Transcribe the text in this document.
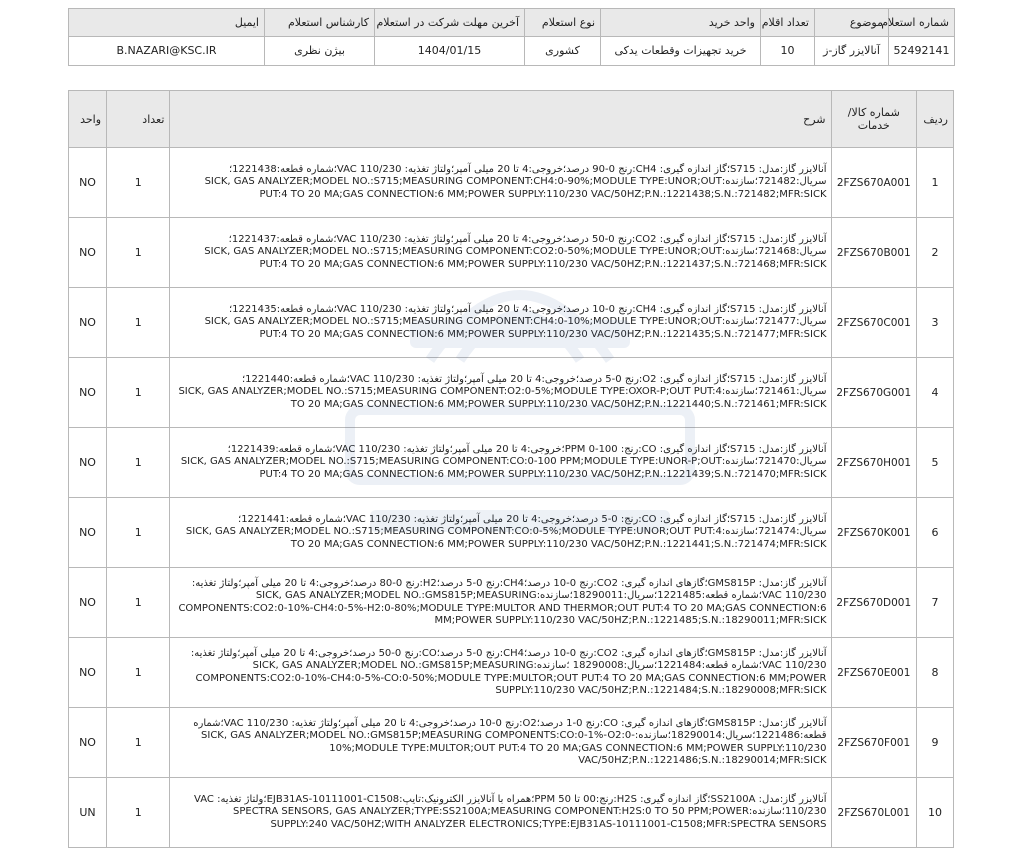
شماره استعلام	موضوع	تعداد اقلام	واحد خرید	نوع استعلام	آخرین مهلت شرکت در استعلام	کارشناس استعلام	ایمیل
52492141	آنالایزر گاز-ز	10	خرید تجهیزات وقطعات یدکی	کشوری	1404/01/15	بیژن نظری	B.NAZARI@KSC.IR
ردیف	شماره کالا/خدمات	شرح	تعداد	واحد
1	2FZS670A001	آنالایزر گاز:مدل: S715؛گاز اندازه گیری: CH4:رنج 0-90 درصد؛خروجی:4 تا 20 میلی آمپر؛ولتاژ تغذیه: VAC 110/230؛شماره قطعه:1221438؛سریال:721482؛سازنده:SICK, GAS ANALYZER;MODEL NO.:S715;MEASURING COMPONENT:CH4:0-90%;MODULE TYPE:UNOR;OUT PUT:4 TO 20 MA;GAS CONNECTION:6 MM;POWER SUPPLY:110/230 VAC/50HZ;P.N.:1221438;S.N.:721482;MFR:SICK	1	NO
2	2FZS670B001	آنالایزر گاز:مدل: S715؛گاز اندازه گیری: CO2:رنج 0-50 درصد؛خروجی:4 تا 20 میلی آمپر؛ولتاژ تغذیه: VAC 110/230؛شماره قطعه:1221437؛سریال:721468؛سازنده:SICK, GAS ANALYZER;MODEL NO.:S715;MEASURING COMPONENT:CO2:0-50%;MODULE TYPE:UNOR;OUT PUT:4 TO 20 MA;GAS CONNECTION:6 MM;POWER SUPPLY:110/230 VAC/50HZ;P.N.:1221437;S.N.:721468;MFR:SICK	1	NO
3	2FZS670C001	آنالایزر گاز:مدل: S715؛گاز اندازه گیری: CH4:رنج 0-10 درصد؛خروجی:4 تا 20 میلی آمپر؛ولتاژ تغذیه: VAC 110/230؛شماره قطعه:1221435؛سریال:721477؛سازنده:SICK, GAS ANALYZER;MODEL NO.:S715;MEASURING COMPONENT:CH4:0-10%;MODULE TYPE:UNOR;OUT PUT:4 TO 20 MA;GAS CONNECTION:6 MM;POWER SUPPLY:110/230 VAC/50HZ;P.N.:1221435;S.N.:721477;MFR:SICK	1	NO
4	2FZS670G001	آنالایزر گاز:مدل: S715؛گاز اندازه گیری: O2:رنج 0-5 درصد؛خروجی:4 تا 20 میلی آمپر؛ولتاژ تغذیه: VAC 110/230؛شماره قطعه:1221440؛سریال:721461؛سازنده:SICK, GAS ANALYZER;MODEL NO.:S715;MEASURING COMPONENT:O2:0-5%;MODULE TYPE:OXOR-P;OUT PUT:4 TO 20 MA;GAS CONNECTION:6 MM;POWER SUPPLY:110/230 VAC/50HZ;P.N.:1221440;S.N.:721461;MFR:SICK	1	NO
5	2FZS670H001	آنالایزر گاز:مدل: S715؛گاز اندازه گیری: CO:رنج: PPM 0-100؛خروجی:4 تا 20 میلی آمپر؛ولتاژ تغذیه: VAC 110/230؛شماره قطعه:1221439؛سریال:721470؛سازنده:SICK, GAS ANALYZER;MODEL NO.:S715;MEASURING COMPONENT:CO:0-100 PPM;MODULE TYPE:UNOR-P;OUT PUT:4 TO 20 MA;GAS CONNECTION:6 MM;POWER SUPPLY:110/230 VAC/50HZ;P.N.:1221439;S.N.:721470;MFR:SICK	1	NO
6	2FZS670K001	آنالایزر گاز:مدل: S715؛گاز اندازه گیری: CO:رنج: 0-5 درصد؛خروجی:4 تا 20 میلی آمپر؛ولتاژ تغذیه: VAC 110/230؛شماره قطعه:1221441؛سریال:721474؛سازنده:SICK, GAS ANALYZER;MODEL NO.:S715;MEASURING COMPONENT:CO:0-5%;MODULE TYPE:UNOR;OUT PUT:4 TO 20 MA;GAS CONNECTION:6 MM;POWER SUPPLY:110/230 VAC/50HZ;P.N.:1221441;S.N.:721474;MFR:SICK	1	NO
7	2FZS670D001	آنالایزر گاز:مدل: GMS815P؛گازهای اندازه گیری: CO2:رنج 0-10 درصد؛CH4:رنج 0-5 درصد؛H2:رنج 0-80 درصد؛خروجی:4 تا 20 میلی آمپر؛ولتاژ تغذیه: VAC 110/230؛شماره قطعه:1221485؛سریال:18290011؛سازنده:SICK, GAS ANALYZER;MODEL NO.:GMS815P;MEASURING COMPONENTS:CO2:0-10%-CH4:0-5%-H2:0-80%;MODULE TYPE:MULTOR AND THERMOR;OUT PUT:4 TO 20 MA;GAS CONNECTION:6 MM;POWER SUPPLY:110/230 VAC/50HZ;P.N.:1221485;S.N.:18290011;MFR:SICK	1	NO
8	2FZS670E001	آنالایزر گاز:مدل: GMS815P؛گازهای اندازه گیری: CO2:رنج 0-10 درصد؛CH4:رنج 0-5 درصد؛CO:رنج 0-50 درصد؛خروجی:4 تا 20 میلی آمپر؛ولتاژ تغذیه: VAC 110/230؛شماره قطعه:1221484؛سریال:18290008 ؛سازنده:SICK, GAS ANALYZER;MODEL NO.:GMS815P;MEASURING COMPONENTS:CO2:0-10%-CH4:0-5%-CO:0-50%;MODULE TYPE:MULTOR;OUT PUT:4 TO 20 MA;GAS CONNECTION:6 MM;POWER SUPPLY:110/230 VAC/50HZ;P.N.:1221484;S.N.:18290008;MFR:SICK	1	NO
9	2FZS670F001	آنالایزر گاز:مدل: GMS815P؛گازهای اندازه گیری: CO:رنج 0-1 درصد؛O2:رنج 0-10 درصد؛خروجی:4 تا 20 میلی آمپر؛ولتاژ تغذیه: 110/230 VAC؛شماره قطعه:1221486؛سریال:18290014؛سازنده:SICK, GAS ANALYZER;MODEL NO.:GMS815P;MEASURING COMPONENTS:CO:0-1%-O2:0-10%;MODULE TYPE:MULTOR;OUT PUT:4 TO 20 MA;GAS CONNECTION:6 MM;POWER SUPPLY:110/230 VAC/50HZ;P.N.:1221486;S.N.:18290014;MFR:SICK	1	NO
10	2FZS670L001	آنالایزر گاز:مدل: SS2100A؛گاز اندازه گیری: H2S:رنج:00 تا PPM 50؛همراه با آنالایزر الکترونیک:تایپ:EJB31AS-10111001-C1508؛ولتاژ تغذیه: VAC 110/230؛سازنده:SPECTRA SENSORS, GAS ANALYZER;TYPE:SS2100A;MEASURING COMPONENT:H2S:0 TO 50 PPM;POWER SUPPLY:240 VAC/50HZ;WITH ANALYZER ELECTRONICS;TYPE:EJB31AS-10111001-C1508;MFR:SPECTRA SENSORS	1	UN
